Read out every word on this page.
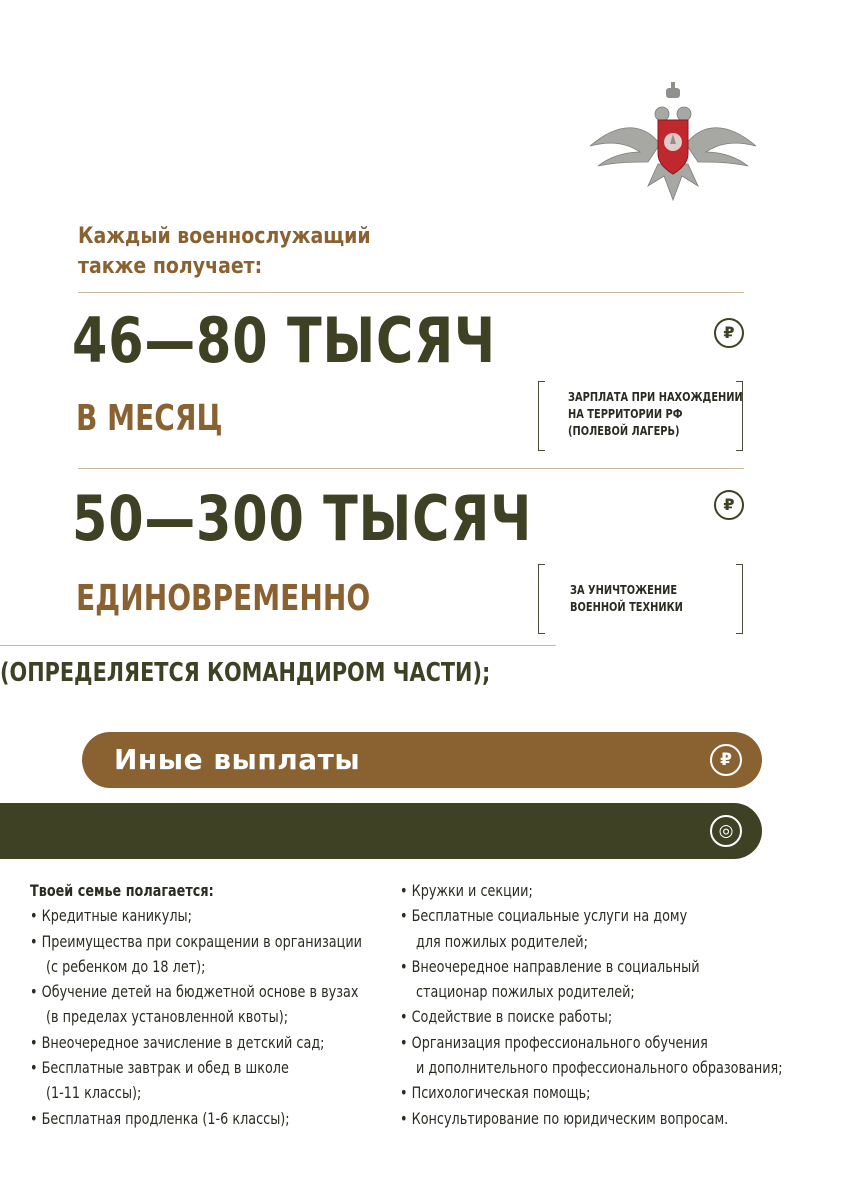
Каждый военнослужащий
также получает:
46—80 ТЫСЯЧ
В МЕСЯЦ
₽
ЗАРПЛАТА ПРИ НАХОЖДЕНИИ
НА ТЕРРИТОРИИ РФ
(ПОЛЕВОЙ ЛАГЕРЬ)
50—300 ТЫСЯЧ
ЕДИНОВРЕМЕННО
₽
ЗА УНИЧТОЖЕНИЕ
ВОЕННОЙ ТЕХНИКИ
(ОПРЕДЕЛЯЕТСЯ КОМАНДИРОМ ЧАСТИ);
Иные выплаты	₽
◎
Твоей семье полагается:
• Кредитные каникулы;
• Преимущества при сокращении в организации
(с ребенком до 18 лет);
• Обучение детей на бюджетной основе в вузах
(в пределах установленной квоты);
• Внеочередное зачисление в детский сад;
• Бесплатные завтрак и обед в школе
(1-11 классы);
• Бесплатная продленка (1-6 классы);
• Кружки и секции;
• Бесплатные социальные услуги на дому
для пожилых родителей;
• Внеочередное направление в социальный
стационар пожилых родителей;
• Содействие в поиске работы;
• Организация профессионального обучения
и дополнительного профессионального образования;
• Психологическая помощь;
• Консультирование по юридическим вопросам.
